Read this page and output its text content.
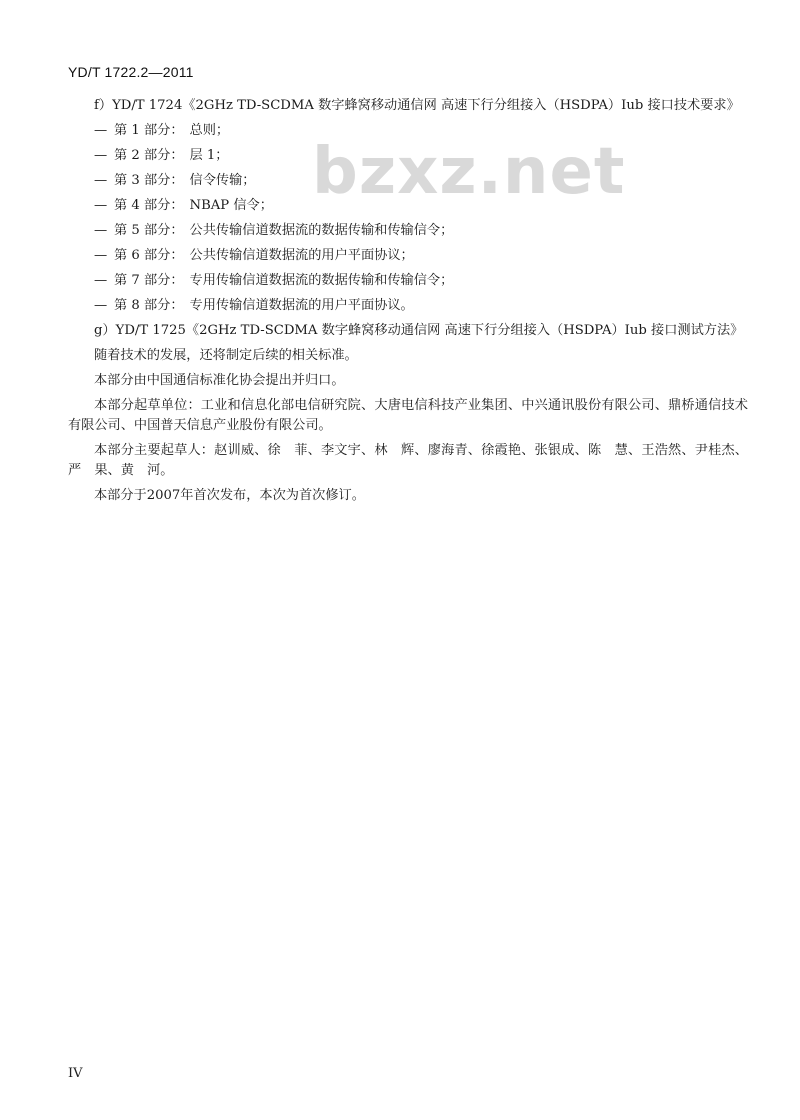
YD/T 1722.2—2011
bzxz.net

f）YD/T 1724《2GHz TD-SCDMA 数字蜂窝移动通信网 高速下行分组接入（HSDPA）Iub 接口技术要求》

— 第 1 部分： 总则；
— 第 2 部分： 层 1；
— 第 3 部分： 信令传输；
— 第 4 部分： NBAP 信令；
— 第 5 部分： 公共传输信道数据流的数据传输和传输信令；
— 第 6 部分： 公共传输信道数据流的用户平面协议；
— 第 7 部分： 专用传输信道数据流的数据传输和传输信令；
— 第 8 部分： 专用传输信道数据流的用户平面协议。

g）YD/T 1725《2GHz TD-SCDMA 数字蜂窝移动通信网 高速下行分组接入（HSDPA）Iub 接口测试方法》

随着技术的发展，还将制定后续的相关标准。

本部分由中国通信标准化协会提出并归口。

本部分起草单位：工业和信息化部电信研究院、大唐电信科技产业集团、中兴通讯股份有限公司、鼎桥通信技术有限公司、中国普天信息产业股份有限公司。

本部分主要起草人：赵训威、徐　菲、李文宇、林　辉、廖海青、徐霞艳、张银成、陈　慧、王浩然、尹桂杰、严　果、黄　河。

本部分于2007年首次发布，本次为首次修订。

IV
